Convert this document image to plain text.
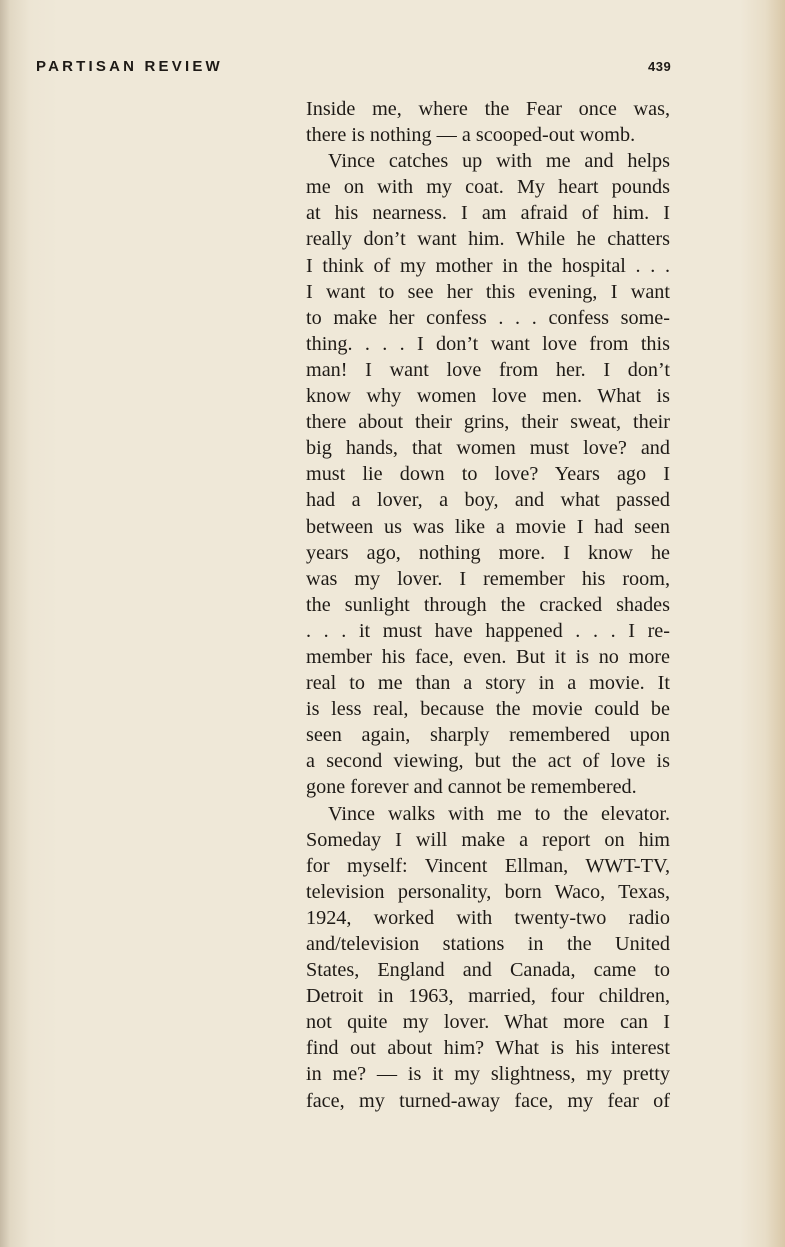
PARTISAN REVIEW	439
Inside me, where the Fear once was,
there is nothing — a scooped-out womb.
Vince catches up with me and helps
me on with my coat. My heart pounds
at his nearness. I am afraid of him. I
really don’t want him. While he chatters
I think of my mother in the hospital . . .
I want to see her this evening, I want
to make her confess . . . confess some-
thing. . . . I don’t want love from this
man! I want love from her. I don’t
know why women love men. What is
there about their grins, their sweat, their
big hands, that women must love? and
must lie down to love? Years ago I
had a lover, a boy, and what passed
between us was like a movie I had seen
years ago, nothing more. I know he
was my lover. I remember his room,
the sunlight through the cracked shades
. . . it must have happened . . . I re-
member his face, even. But it is no more
real to me than a story in a movie. It
is less real, because the movie could be
seen again, sharply remembered upon
a second viewing, but the act of love is
gone forever and cannot be remembered.
Vince walks with me to the elevator.
Someday I will make a report on him
for myself: Vincent Ellman, WWT-TV,
television personality, born Waco, Texas,
1924, worked with twenty-two radio
and/television stations in the United
States, England and Canada, came to
Detroit in 1963, married, four children,
not quite my lover. What more can I
find out about him? What is his interest
in me? — is it my slightness, my pretty
face, my turned-away face, my fear of
